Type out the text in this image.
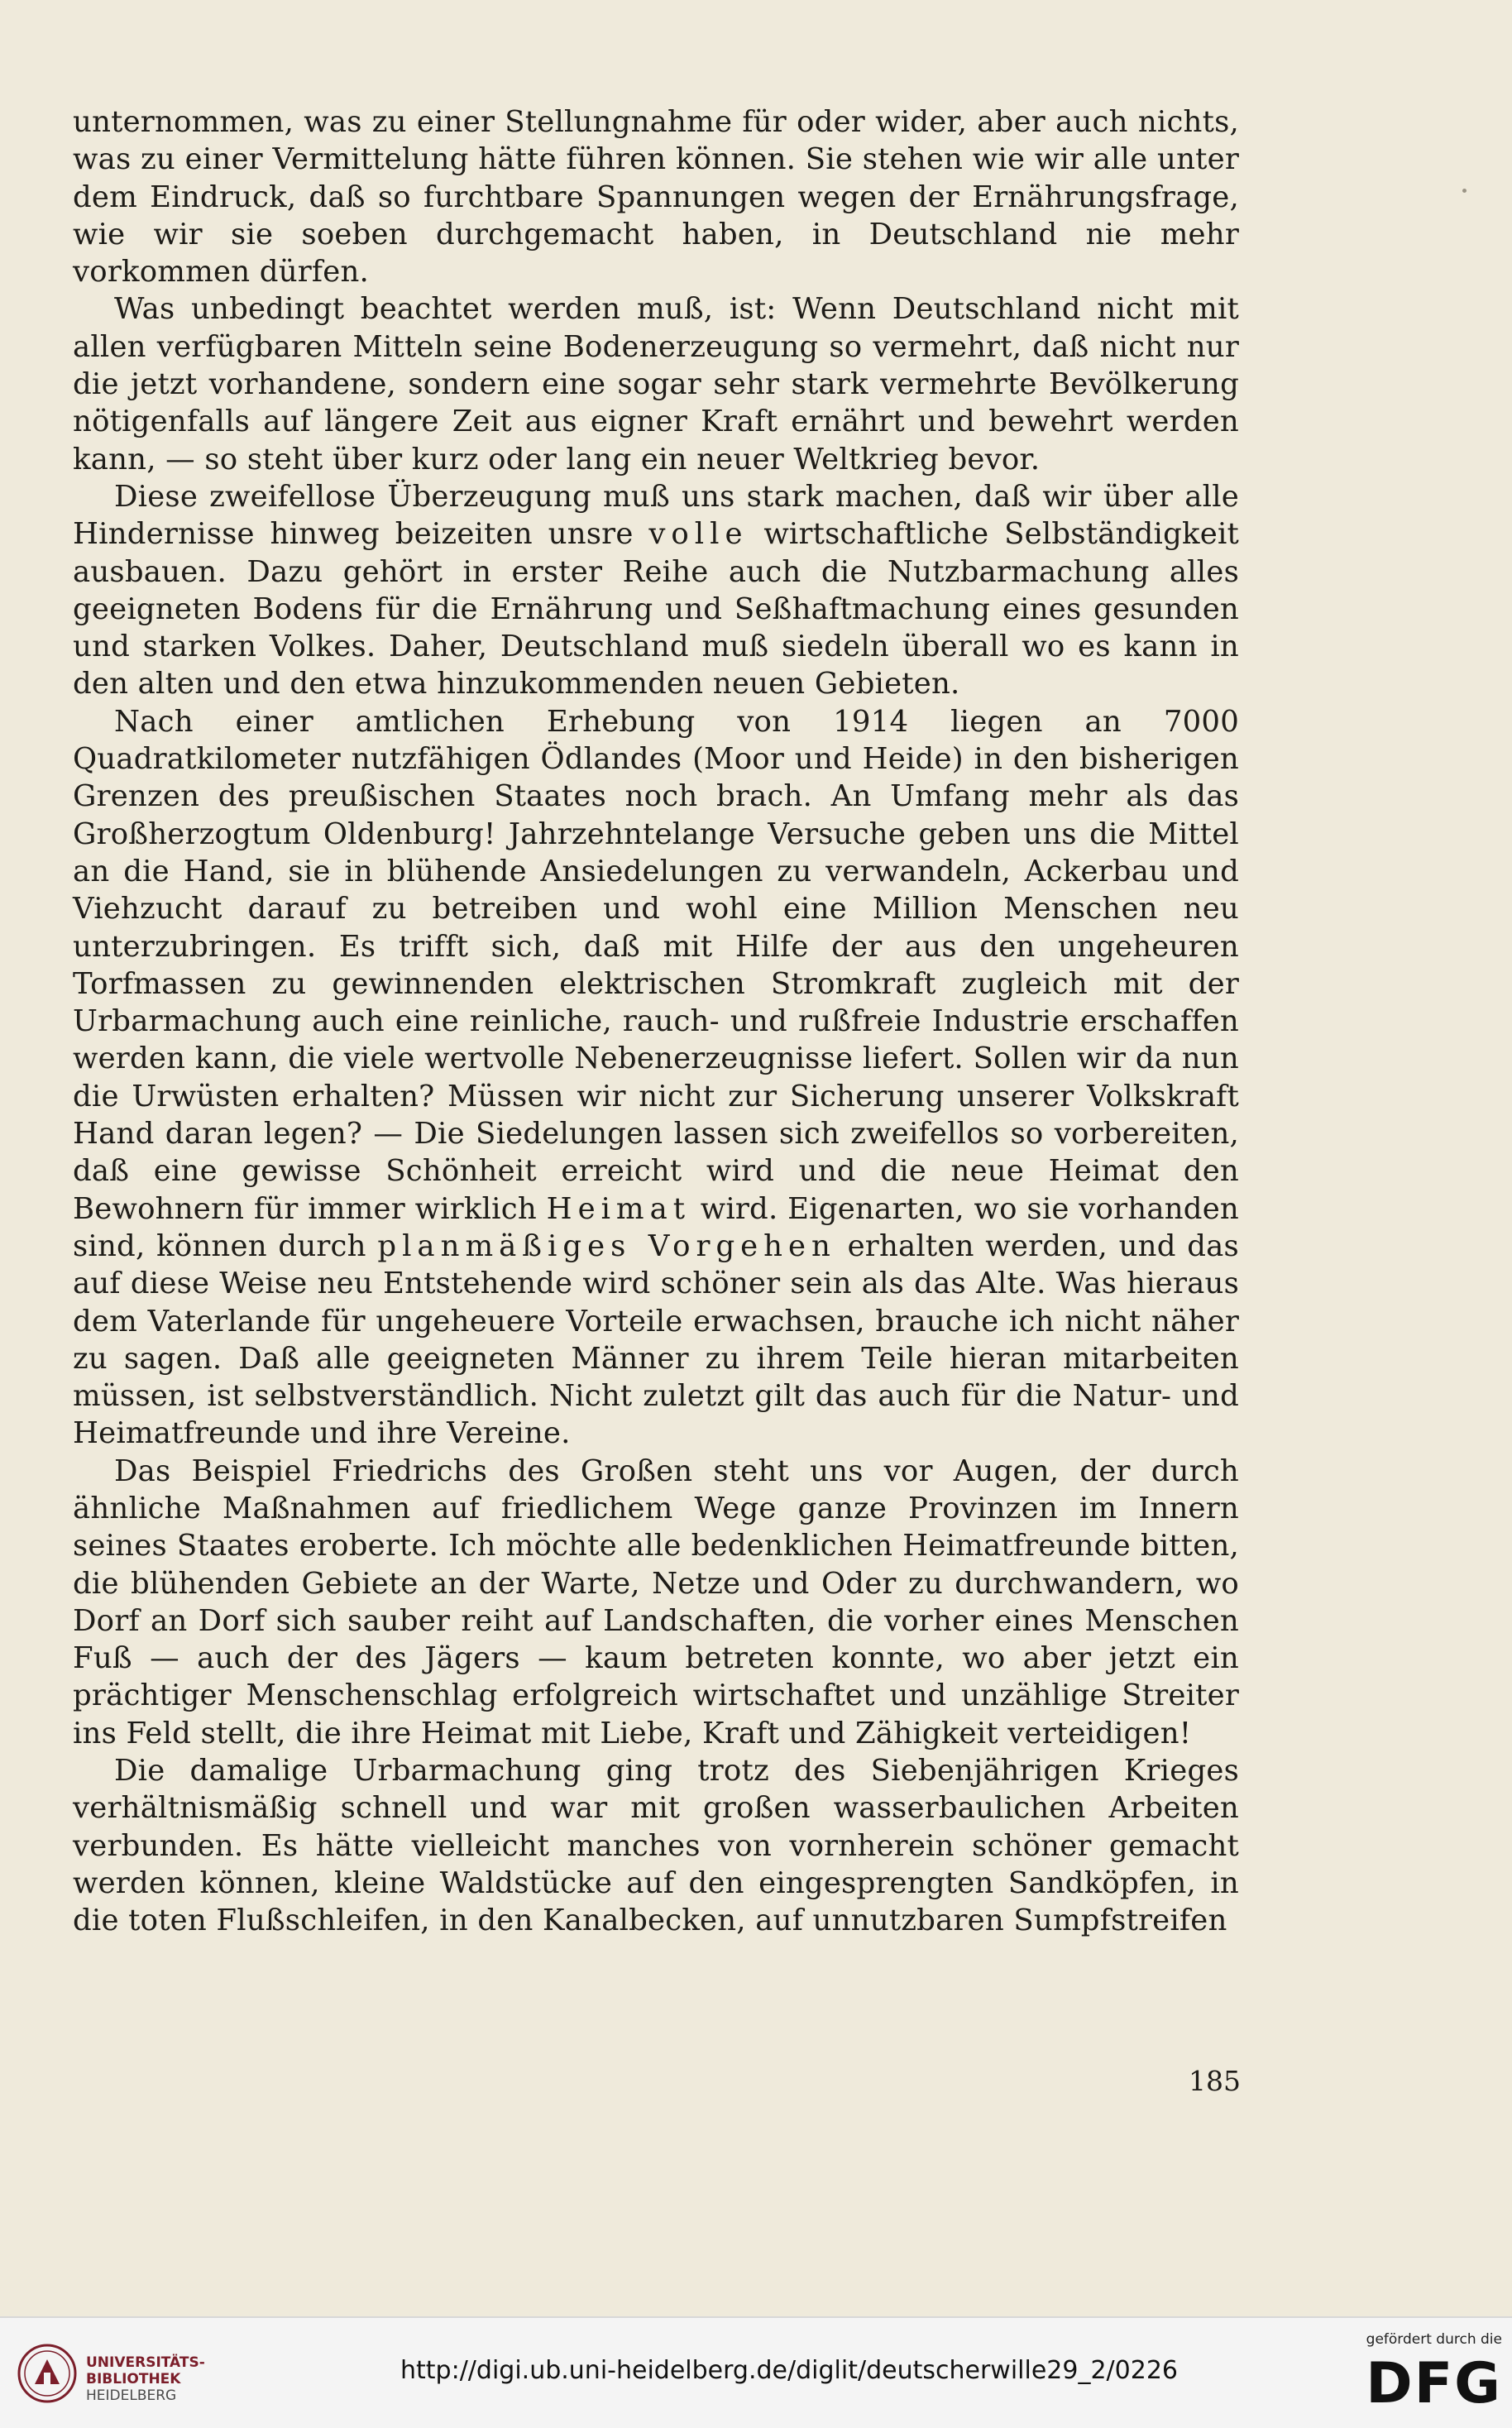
unternommen, was zu einer Stellungnahme für oder wider, aber auch nichts, was zu einer Vermittelung hätte führen können. Sie stehen wie wir alle unter dem Eindruck, daß so furchtbare Spannungen wegen der Ernährungsfrage, wie wir sie soeben durchgemacht haben, in Deutschland nie mehr vorkommen dürfen.

Was unbedingt beachtet werden muß, ist: Wenn Deutschland nicht mit allen verfügbaren Mitteln seine Bodenerzeugung so vermehrt, daß nicht nur die jetzt vorhandene, sondern eine sogar sehr stark vermehrte Bevölkerung nötigenfalls auf längere Zeit aus eigner Kraft ernährt und bewehrt werden kann, — so steht über kurz oder lang ein neuer Weltkrieg bevor.

Diese zweifellose Überzeugung muß uns stark machen, daß wir über alle Hindernisse hinweg beizeiten unsre volle wirtschaftliche Selbständigkeit ausbauen. Dazu gehört in erster Reihe auch die Nutzbarmachung alles geeigneten Bodens für die Ernährung und Seßhaftmachung eines gesunden und starken Volkes. Daher, Deutschland muß siedeln überall wo es kann in den alten und den etwa hinzukommenden neuen Gebieten.

Nach einer amtlichen Erhebung von 1914 liegen an 7000 Quadratkilometer nutzfähigen Ödlandes (Moor und Heide) in den bisherigen Grenzen des preußischen Staates noch brach. An Umfang mehr als das Großherzogtum Oldenburg! Jahrzehntelange Versuche geben uns die Mittel an die Hand, sie in blühende Ansiedelungen zu verwandeln, Ackerbau und Viehzucht darauf zu betreiben und wohl eine Million Menschen neu unterzubringen. Es trifft sich, daß mit Hilfe der aus den ungeheuren Torfmassen zu gewinnenden elektrischen Stromkraft zugleich mit der Urbarmachung auch eine reinliche, rauch- und rußfreie Industrie erschaffen werden kann, die viele wertvolle Nebenerzeugnisse liefert. Sollen wir da nun die Urwüsten erhalten? Müssen wir nicht zur Sicherung unserer Volkskraft Hand daran legen? — Die Siedelungen lassen sich zweifellos so vorbereiten, daß eine gewisse Schönheit erreicht wird und die neue Heimat den Bewohnern für immer wirklich Heimat wird. Eigenarten, wo sie vorhanden sind, können durch planmäßiges Vorgehen erhalten werden, und das auf diese Weise neu Entstehende wird schöner sein als das Alte. Was hieraus dem Vaterlande für ungeheuere Vorteile erwachsen, brauche ich nicht näher zu sagen. Daß alle geeigneten Männer zu ihrem Teile hieran mitarbeiten müssen, ist selbstverständlich. Nicht zuletzt gilt das auch für die Natur- und Heimatfreunde und ihre Vereine.

Das Beispiel Friedrichs des Großen steht uns vor Augen, der durch ähnliche Maßnahmen auf friedlichem Wege ganze Provinzen im Innern seines Staates eroberte. Ich möchte alle bedenklichen Heimatfreunde bitten, die blühenden Gebiete an der Warte, Netze und Oder zu durchwandern, wo Dorf an Dorf sich sauber reiht auf Landschaften, die vorher eines Menschen Fuß — auch der des Jägers — kaum betreten konnte, wo aber jetzt ein prächtiger Menschenschlag erfolgreich wirtschaftet und unzählige Streiter ins Feld stellt, die ihre Heimat mit Liebe, Kraft und Zähigkeit verteidigen!

Die damalige Urbarmachung ging trotz des Siebenjährigen Krieges verhältnismäßig schnell und war mit großen wasserbaulichen Arbeiten verbunden. Es hätte vielleicht manches von vornherein schöner gemacht werden können, kleine Waldstücke auf den eingesprengten Sandköpfen, in die toten Flußschleifen, in den Kanalbecken, auf unnutzbaren Sumpfstreifen

185
UNIVERSITÄTS-
BIBLIOTHEK
HEIDELBERG
http://digi.ub.uni-heidelberg.de/diglit/deutscherwille29_2/0226
gefördert durch die
DFG
